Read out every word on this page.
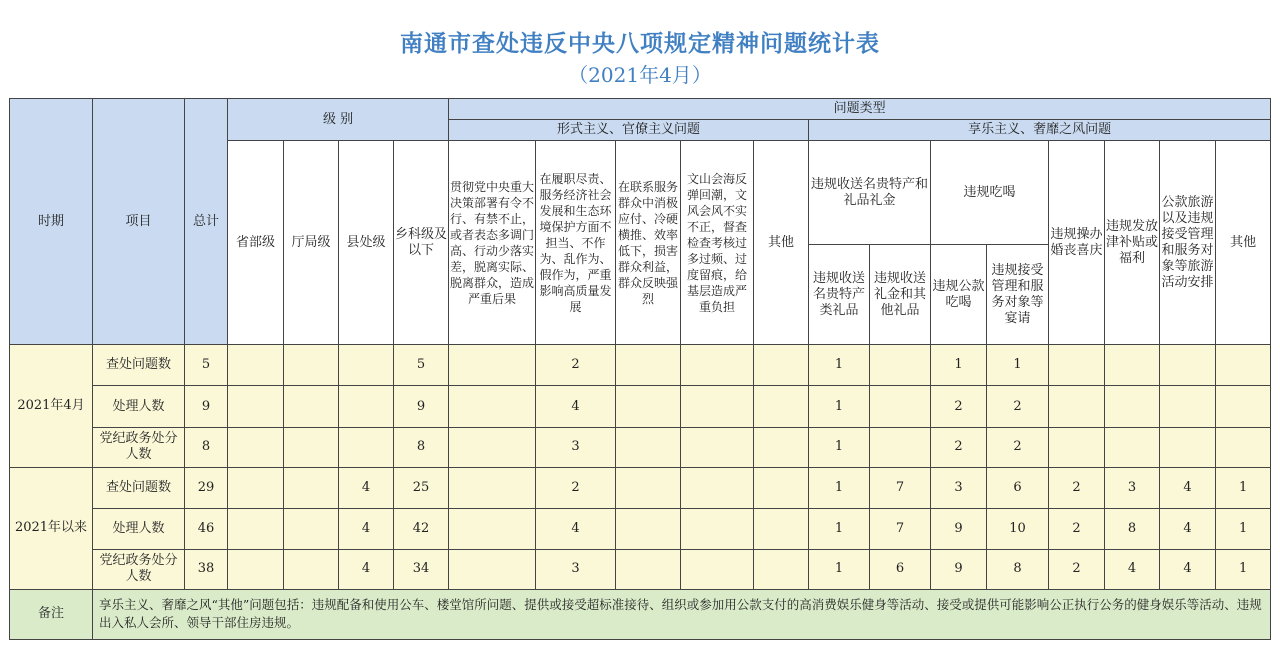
南通市查处违反中央八项规定精神问题统计表
（2021年4月）
时期	项目	总计	级 别				问题类型												
							形式主义、官僚主义问题					享乐主义、奢靡之风问题							
			省部级	厅局级	县处级	乡科级及以下	贯彻党中央重大决策部署有令不行、有禁不止，或者表态多调门高、行动少落实差，脱离实际、脱离群众，造成严重后果	在履职尽责、服务经济社会发展和生态环境保护方面不担当、不作为、乱作为、假作为，严重影响高质量发展	在联系服务群众中消极应付、冷硬横推、效率低下，损害群众利益，群众反映强烈	文山会海反弹回潮，文风会风不实不正，督查检查考核过多过频、过度留痕，给基层造成严重负担	其他	违规收送名贵特产和礼品礼金		违规吃喝		违规操办婚丧喜庆	违规发放津补贴或福利	公款旅游以及违规接受管理和服务对象等旅游活动安排	其他
												违规收送名贵特产类礼品	违规收送礼金和其他礼品	违规公款吃喝	违规接受管理和服务对象等宴请				
2021年4月	查处问题数	5				5		2				1		1	1				
	处理人数	9				9		4				1		2	2				
	党纪政务处分人数	8				8		3				1		2	2				
2021年以来	查处问题数	29			4	25		2				1	7	3	6	2	3	4	1
	处理人数	46			4	42		4				1	7	9	10	2	8	4	1
	党纪政务处分人数	38			4	34		3				1	6	9	8	2	4	4	1
备注	享乐主义、奢靡之风“其他”问题包括：违规配备和使用公车、楼堂馆所问题、提供或接受超标准接待、组织或参加用公款支付的高消费娱乐健身等活动、接受或提供可能影响公正执行公务的健身娱乐等活动、违规出入私人会所、领导干部住房违规。																		
